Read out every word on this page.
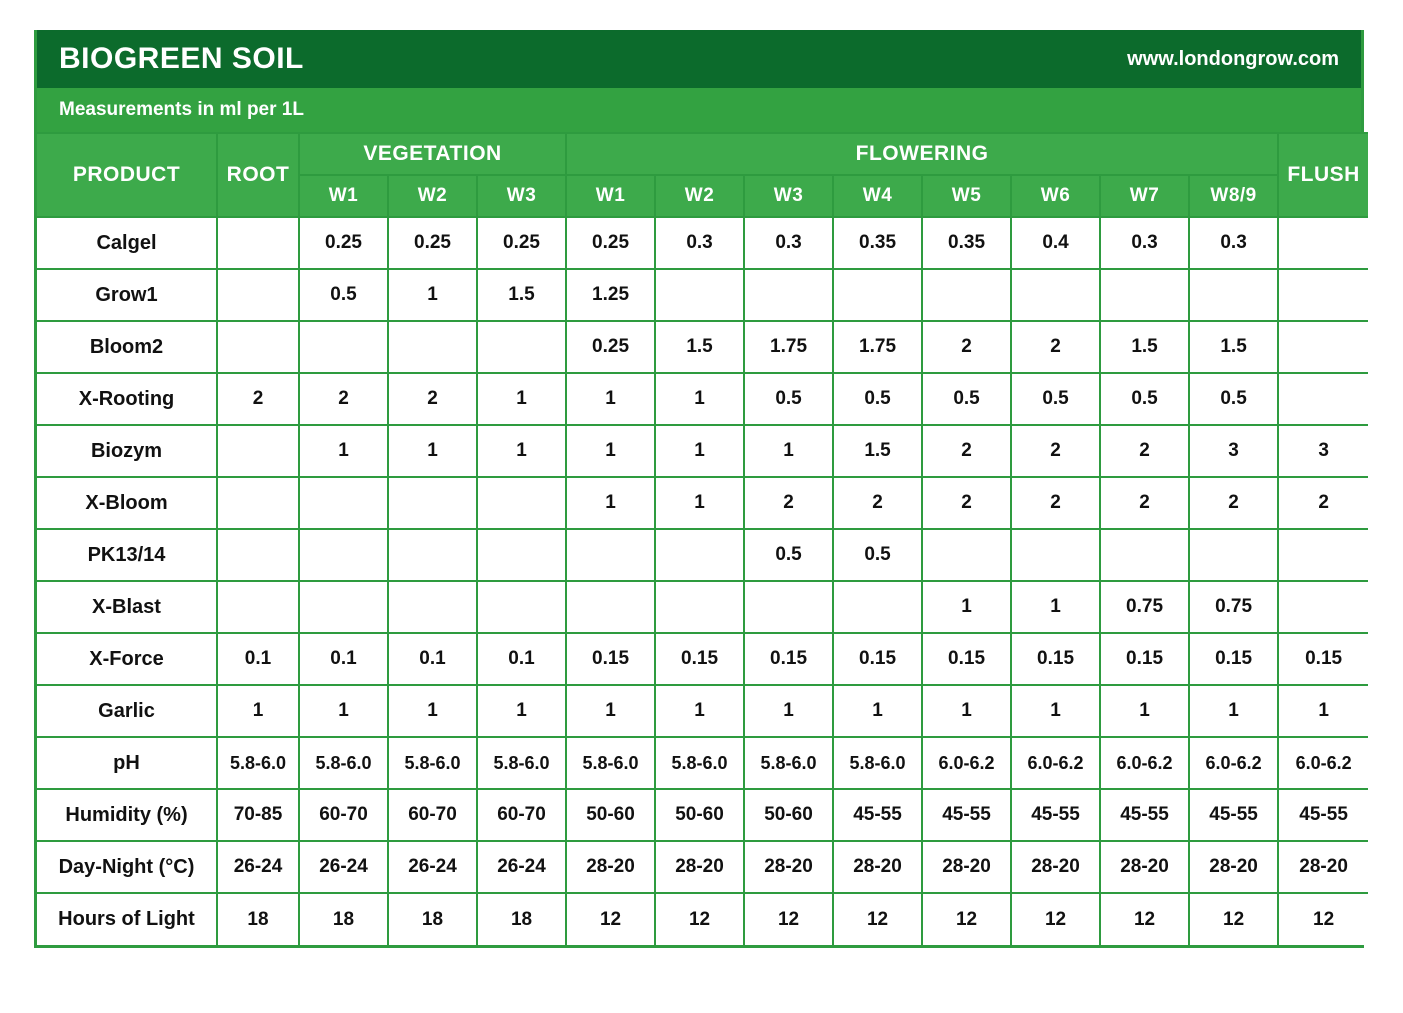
BIOGREEN SOIL	www.londongrow.com
Measurements in ml per 1L
PRODUCT	ROOT	VEGETATION			FLOWERING								FLUSH
		W1	W2	W3	W1	W2	W3	W4	W5	W6	W7	W8/9	
Calgel		0.25	0.25	0.25	0.25	0.3	0.3	0.35	0.35	0.4	0.3	0.3	
Grow1		0.5	1	1.5	1.25								
Bloom2					0.25	1.5	1.75	1.75	2	2	1.5	1.5	
X-Rooting	2	2	2	1	1	1	0.5	0.5	0.5	0.5	0.5	0.5	
Biozym		1	1	1	1	1	1	1.5	2	2	2	3	3
X-Bloom					1	1	2	2	2	2	2	2	2
PK13/14							0.5	0.5					
X-Blast									1	1	0.75	0.75	
X-Force	0.1	0.1	0.1	0.1	0.15	0.15	0.15	0.15	0.15	0.15	0.15	0.15	0.15
Garlic	1	1	1	1	1	1	1	1	1	1	1	1	1
pH	5.8-6.0	5.8-6.0	5.8-6.0	5.8-6.0	5.8-6.0	5.8-6.0	5.8-6.0	5.8-6.0	6.0-6.2	6.0-6.2	6.0-6.2	6.0-6.2	6.0-6.2
Humidity (%)	70-85	60-70	60-70	60-70	50-60	50-60	50-60	45-55	45-55	45-55	45-55	45-55	45-55
Day-Night (°C)	26-24	26-24	26-24	26-24	28-20	28-20	28-20	28-20	28-20	28-20	28-20	28-20	28-20
Hours of Light	18	18	18	18	12	12	12	12	12	12	12	12	12
